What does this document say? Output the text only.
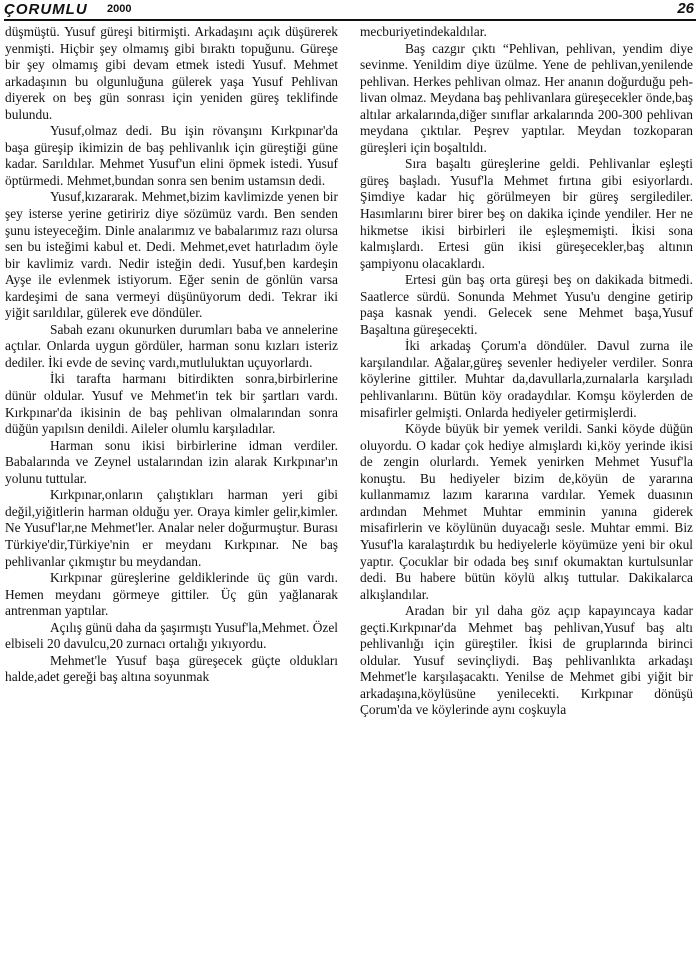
ÇORUMLU 2000	26

düşmüştü. Yusuf güreşi bitirmişti. Arkadaşını açık düşürerek yenmişti. Hiçbir şey olmamış gibi bıraktı topuğunu. Güreşe bir şey olmamış gibi devam etmek istedi Yusuf. Mehmet arkadaşının bu olgunluğuna gülerek yaşa Yusuf Pehlivan diyerek on beş gün sonrası için yeniden güreş teklifinde bulundu.

Yusuf,olmaz dedi. Bu işin rövanşını Kırkpınar'da başa güreşip ikimizin de baş pehlivanlık için güreştiği güne kadar. Sarıldılar. Mehmet Yusuf'un elini öpmek istedi. Yusuf öptürmedi. Mehmet,bundan sonra sen benim ustamsın dedi.

Yusuf,kızararak. Mehmet,bizim kavlimizde yenen bir şey isterse yerine getiririz diye sözümüz vardı. Ben senden şunu isteyeceğim. Dinle analarımız ve babalarımız razı olursa sen bu isteğimi kabul et. Dedi. Mehmet,evet hatırladım öyle bir kavlimiz vardı. Nedir isteğin dedi. Yusuf,ben kardeşin Ayşe ile evlenmek istiyorum. Eğer senin de gönlün varsa kardeşimi de sana vermeyi düşünüyorum dedi. Tekrar iki yiğit sarıldılar, gülerek eve döndüler.

Sabah ezanı okunurken durumları baba ve annelerine açtılar. Onlarda uygun gördüler, harman sonu kızları isteriz dediler. İki evde de sevinç vardı,mutluluktan uçuyorlardı.

İki tarafta harmanı bitirdikten sonra,birbirlerine dünür oldular. Yusuf ve Mehmet'in tek bir şartları vardı. Kırkpınar'da ikisinin de baş pehlivan olmalarından sonra düğün yapılsın denildi. Aileler olumlu karşıladılar.

Harman sonu ikisi birbirlerine idman verdiler. Babalarında ve Zeynel ustalarından izin alarak Kırkpınar'ın yolunu tuttular.

Kırkpınar,onların çalıştıkları harman yeri gibi değil,yiğitlerin harman olduğu yer. Oraya kimler gelir,kimler. Ne Yusuf'lar,ne Mehmet'ler. Analar neler doğurmuştur. Burası Türkiye'dir,Türkiye'nin er meydanı Kırkpınar. Ne baş pehlivanlar çıkmıştır bu meydandan.

Kırkpınar güreşlerine geldiklerinde üç gün vardı. Hemen meydanı görmeye gittiler. Üç gün yağlanarak antrenman yaptılar.

Açılış günü daha da şaşırmıştı Yusuf'la,Mehmet. Özel elbiseli 20 davulcu,20 zurnacı ortalığı yıkıyordu.

Mehmet'le Yusuf başa güreşecek güçte oldukları halde,adet gereği baş altına soyunmak

mecburiyetindekaldılar.

Baş cazgır çıktı “Pehlivan, pehlivan, yendim diye sevinme. Yenildim diye üzülme. Yene de pehlivan,yenilende pehlivan. Herkes pehlivan olmaz. Her ananın doğurduğu peh-livan olmaz. Meydana baş pehlivanlara güreşecekler önde,baş altılar arkalarında,diğer sınıflar arkalarında 200-300 pehlivan meydana çıktılar. Peşrev yaptılar. Meydan tozkoparan güreşleri için boşaltıldı.

Sıra başaltı güreşlerine geldi. Pehlivanlar eşleşti güreş başladı. Yusuf'la Mehmet fırtına gibi esiyorlardı. Şimdiye kadar hiç görülmeyen bir güreş sergilediler. Hasımlarını birer birer beş on dakika içinde yendiler. Her ne hikmetse ikisi birbirleri ile eşleşmemişti. İkisi sona kalmışlardı. Ertesi gün ikisi güreşecekler,baş altının şampiyonu olacaklardı.

Ertesi gün baş orta güreşi beş on dakikada bitmedi. Saatlerce sürdü. Sonunda Mehmet Yusu'u dengine getirip paşa kasnak yendi. Gelecek sene Mehmet başa,Yusuf Başaltına güreşecekti.

İki arkadaş Çorum'a döndüler. Davul zurna ile karşılandılar. Ağalar,güreş sevenler hediyeler verdiler. Sonra köylerine gittiler. Muhtar da,davullarla,zurnalarla karşıladı pehlivanlarını. Bütün köy oradaydılar. Komşu köylerden de misafirler gelmişti. Onlarda hediyeler getirmişlerdi.

Köyde büyük bir yemek verildi. Sanki köyde düğün oluyordu. O kadar çok hediye almışlardı ki,köy yerinde ikisi de zengin olurlardı. Yemek yenirken Mehmet Yusuf'la konuştu. Bu hediyeler bizim de,köyün de yararına kullanmamız lazım kararına vardılar. Yemek duasının ardından Mehmet Muhtar emminin yanına giderek misafirlerin ve köylünün duyacağı sesle. Muhtar emmi. Biz Yusuf'la karalaştırdık bu hediyelerle köyümüze yeni bir okul yaptır. Çocuklar bir odada beş sınıf okumaktan kurtulsunlar dedi. Bu habere bütün köylü alkış tuttular. Dakikalarca alkışlandılar.

Aradan bir yıl daha göz açıp kapayıncaya kadar geçti.Kırkpınar'da Mehmet baş pehlivan,Yusuf baş altı pehlivanlığı için güreştiler. İkisi de gruplarında birinci oldular. Yusuf sevinçliydi. Baş pehlivanlıkta arkadaşı Mehmet'le karşılaşacaktı. Yenilse de Mehmet gibi yiğit bir arkadaşına,köylüsüne yenilecekti. Kırkpınar dönüşü Çorum'da ve köylerinde aynı coşkuyla
